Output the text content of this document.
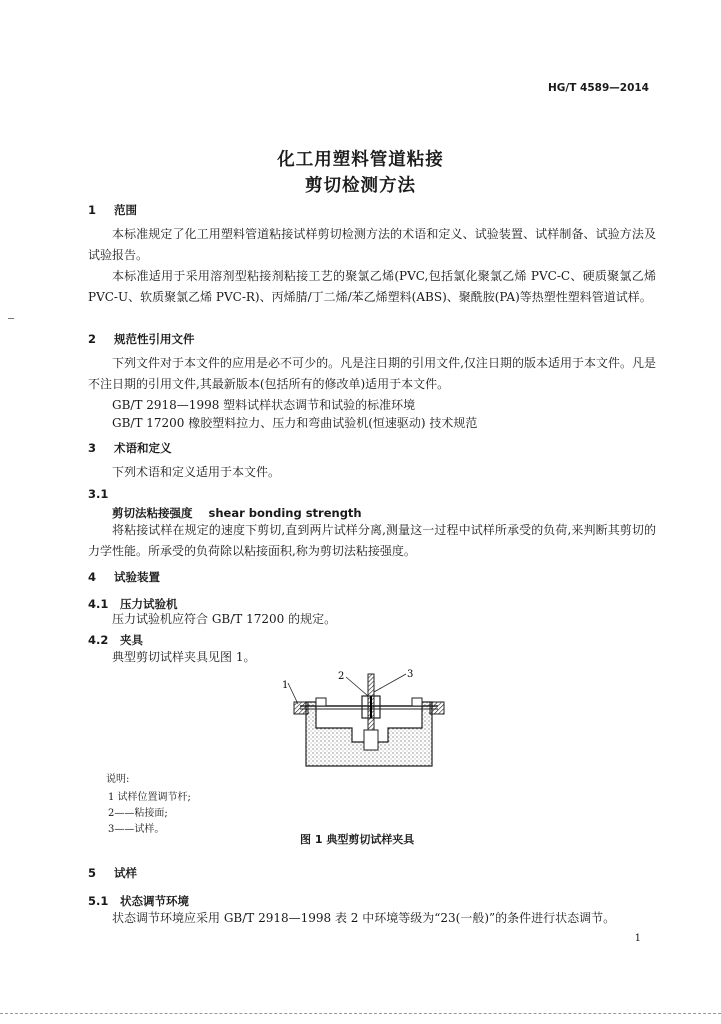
HG/T 4589—2014
化工用塑料管道粘接
剪切检测方法
1 范围

本标准规定了化工用塑料管道粘接试样剪切检测方法的术语和定义、试验装置、试样制备、试验方法及试验报告。

本标准适用于采用溶剂型粘接剂粘接工艺的聚氯乙烯(PVC,包括氯化聚氯乙烯 PVC-C、硬质聚氯乙烯 PVC-U、软质聚氯乙烯 PVC-R)、丙烯腈/丁二烯/苯乙烯塑料(ABS)、聚酰胺(PA)等热塑性塑料管道试样。

2 规范性引用文件

下列文件对于本文件的应用是必不可少的。凡是注日期的引用文件,仅注日期的版本适用于本文件。凡是不注日期的引用文件,其最新版本(包括所有的修改单)适用于本文件。

GB/T 2918—1998 塑料试样状态调节和试验的标准环境
GB/T 17200 橡胶塑料拉力、压力和弯曲试验机(恒速驱动) 技术规范
3 术语和定义
下列术语和定义适用于本文件。
3.1
剪切法粘接强度 shear bonding strength

将粘接试样在规定的速度下剪切,直到两片试样分离,测量这一过程中试样所承受的负荷,来判断其剪切的力学性能。所承受的负荷除以粘接面积,称为剪切法粘接强度。

4 试验装置
4.1 压力试验机
压力试验机应符合 GB/T 17200 的规定。
4.2 夹具
典型剪切试样夹具见图 1。
1
2	3
说明:
1 试样位置调节杆;
2——粘接面;
3——试样。
图 1 典型剪切试样夹具
5 试样
5.1 状态调节环境
状态调节环境应采用 GB/T 2918—1998 表 2 中环境等级为“23(一般)”的条件进行状态调节。
1
